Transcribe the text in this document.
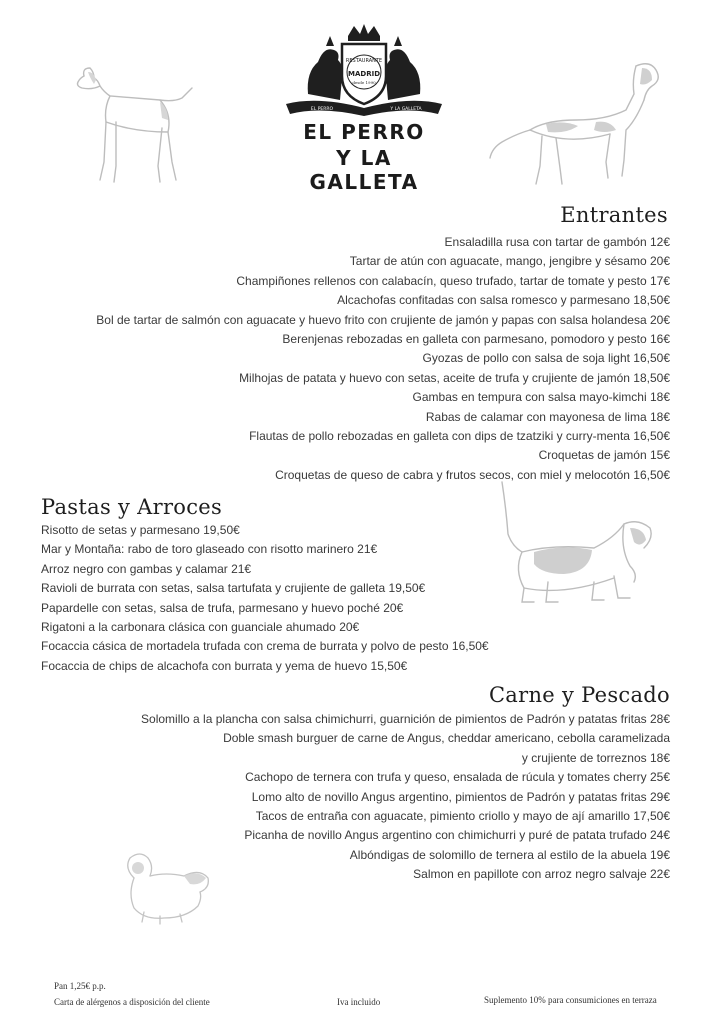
RESTAURANTE
MADRID
desde 1990
EL PERRO	Y LA GALLETA
EL PERRO
Y LA GALLETA
Entrantes
Ensaladilla rusa con tartar de gambón 12€
Tartar de atún con aguacate, mango, jengibre y sésamo 20€
Champiñones rellenos con calabacín, queso trufado, tartar de tomate y pesto 17€
Alcachofas confitadas con salsa romesco y parmesano 18,50€
Bol de tartar de salmón con aguacate y huevo frito con crujiente de jamón y papas con salsa holandesa 20€
Berenjenas rebozadas en galleta con parmesano, pomodoro y pesto 16€
Gyozas de pollo con salsa de soja light 16,50€
Milhojas de patata y huevo con setas, aceite de trufa y crujiente de jamón 18,50€
Gambas en tempura con salsa mayo-kimchi 18€
Rabas de calamar con mayonesa de lima 18€
Flautas de pollo rebozadas en galleta con dips de tzatziki y curry-menta 16,50€
Croquetas de jamón 15€
Croquetas de queso de cabra y frutos secos, con miel y melocotón 16,50€
Pastas y Arroces
Risotto de setas y parmesano 19,50€
Mar y Montaña: rabo de toro glaseado con risotto marinero 21€
Arroz negro con gambas y calamar 21€
Ravioli de burrata con setas, salsa tartufata y crujiente de galleta 19,50€
Papardelle con setas, salsa de trufa, parmesano y huevo poché 20€
Rigatoni a la carbonara clásica con guanciale ahumado 20€
Focaccia cásica de mortadela trufada con crema de burrata y polvo de pesto 16,50€
Focaccia de chips de alcachofa con burrata y yema de huevo 15,50€
Carne y Pescado
Solomillo a la plancha con salsa chimichurri, guarnición de pimientos de Padrón y patatas fritas 28€
Doble smash burguer de carne de Angus, cheddar americano, cebolla caramelizada
y crujiente de torreznos 18€
Cachopo de ternera con trufa y queso, ensalada de rúcula y tomates cherry 25€
Lomo alto de novillo Angus argentino, pimientos de Padrón y patatas fritas 29€
Tacos de entraña con aguacate, pimiento criollo y mayo de ají amarillo 17,50€
Picanha de novillo Angus argentino con chimichurri y puré de patata trufado 24€
Albóndigas de solomillo de ternera al estilo de la abuela 19€
Salmon en papillote con arroz negro salvaje 22€
Pan 1,25€ p.p.
Carta de alérgenos a disposición del cliente	Iva incluido	Suplemento 10% para consumiciones en terraza
